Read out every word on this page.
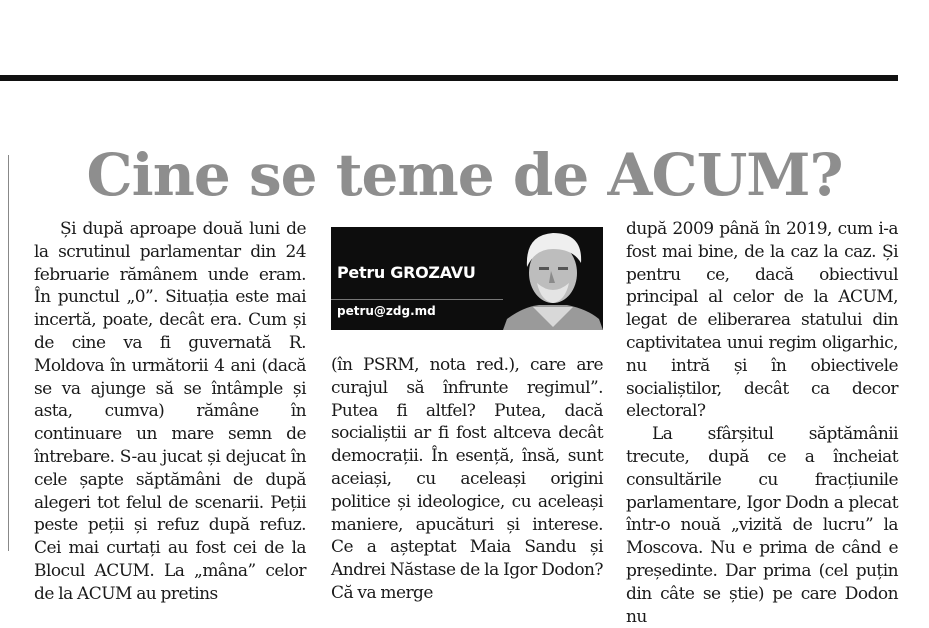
Cine se teme de ACUM?

Și după aproape două luni de la scrutinul parlamentar din 24 februarie rămânem unde eram. În punctul „0”. Situația este mai incertă, poate, decât era. Cum și de cine va fi guvernată R. Moldova în următorii 4 ani (dacă se va ajunge să se întâmple și asta, cumva) rămâne în continuare un mare semn de întrebare. S-au jucat și dejucat în cele șapte săptămâni de după alegeri tot felul de scenarii. Peții peste peții și refuz după refuz. Cei mai curtați au fost cei de la Blocul ACUM. La „mâna” celor de la ACUM au pretins

Petru GROZAVU
petru@zdg.md

(în PSRM, nota red.), care are curajul să înfrunte regimul”. Putea fi altfel? Putea, dacă socialiștii ar fi fost altceva decât democrații. În esență, însă, sunt aceiași, cu aceleași origini politice și ideologice, cu aceleași maniere, apucături și interese. Ce a așteptat Maia Sandu și Andrei Năstase de la Igor Dodon? Că va merge

după 2009 până în 2019, cum i-a fost mai bine, de la caz la caz. Și pentru ce, dacă obiectivul principal al celor de la ACUM, legat de eliberarea statului din captivitatea unui regim oligarhic, nu intră și în obiectivele socialiștilor, decât ca decor electoral?

La sfârșitul săptămânii trecute, după ce a încheiat consultările cu fracțiunile parlamentare, Igor Dodn a plecat într-o nouă „vizită de lucru” la Moscova. Nu e prima de când e președinte. Dar prima (cel puțin din câte se știe) pe care Dodon nu
